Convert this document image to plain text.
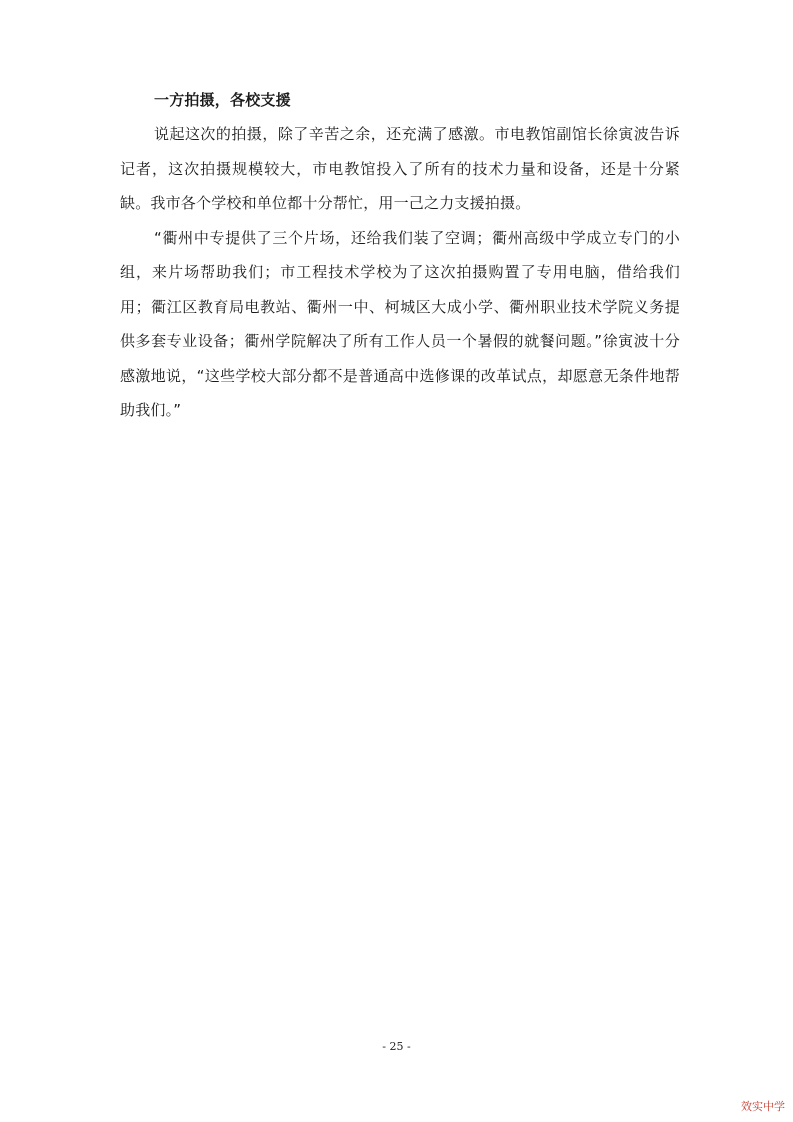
一方拍摄，各校支援

说起这次的拍摄，除了辛苦之余，还充满了感激。市电教馆副馆长徐寅波告诉记者，这次拍摄规模较大，市电教馆投入了所有的技术力量和设备，还是十分紧缺。我市各个学校和单位都十分帮忙，用一己之力支援拍摄。

“衢州中专提供了三个片场，还给我们装了空调；衢州高级中学成立专门的小组，来片场帮助我们；市工程技术学校为了这次拍摄购置了专用电脑，借给我们用；衢江区教育局电教站、衢州一中、柯城区大成小学、衢州职业技术学院义务提供多套专业设备；衢州学院解决了所有工作人员一个暑假的就餐问题。”徐寅波十分感激地说，“这些学校大部分都不是普通高中选修课的改革试点，却愿意无条件地帮助我们。”

- 25 -
效实中学
